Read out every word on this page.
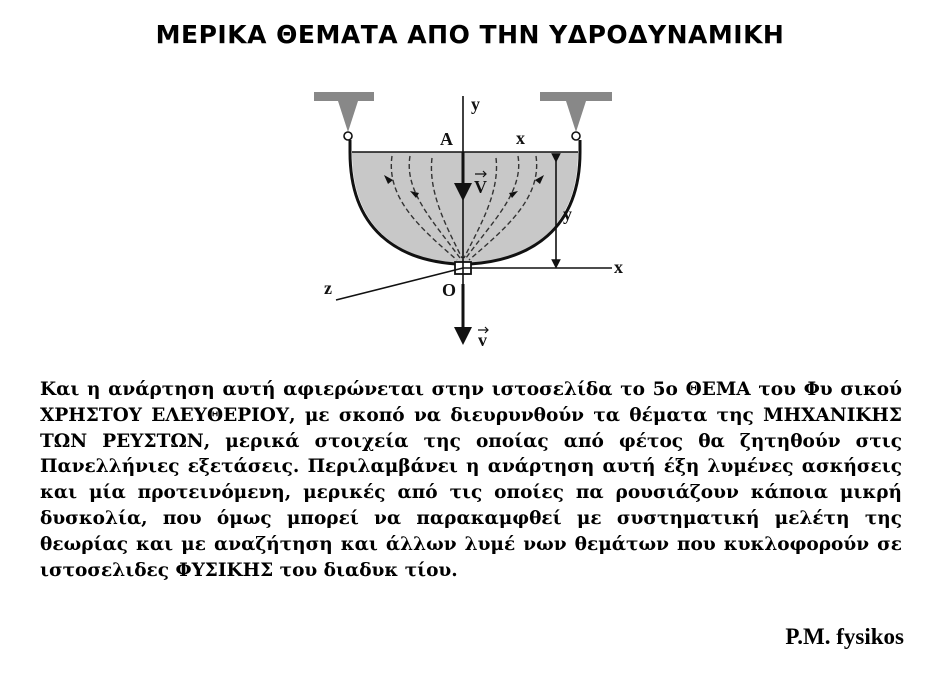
ΜΕΡΙΚΑ ΘΕΜΑΤΑ ΑΠΟ ΤΗΝ ΥΔΡΟΔΥΝΑΜΙΚΗ
y
A	x
V
y
x
z	O
v

Και η ανάρτηση αυτή αφιερώνεται στην ιστοσελίδα το 5ο ΘΕΜΑ του Φυ σικού ΧΡΗΣΤΟΥ ΕΛΕΥΘΕΡΙΟΥ, με σκοπό να διευρυνθούν τα θέματα της ΜΗΧΑΝΙΚΗΣ ΤΩΝ ΡΕΥΣΤΩΝ, μερικά στοιχεία της οποίας από φέτος θα ζητηθούν στις Πανελλήνιες εξετάσεις. Περιλαμβάνει η ανάρτηση αυτή έξη λυμένες ασκήσεις και μία προτεινόμενη, μερικές από τις οποίες πα ρουσιάζουν κάποια μικρή δυσκολία, που όμως μπορεί να παρακαμφθεί με συστηματική μελέτη της θεωρίας και με αναζήτηση και άλλων λυμέ νων θεμάτων που κυκλοφορούν σε ιστοσελιδες ΦΥΣΙΚΗΣ του διαδυκ τίου.

P.M. fysikos
